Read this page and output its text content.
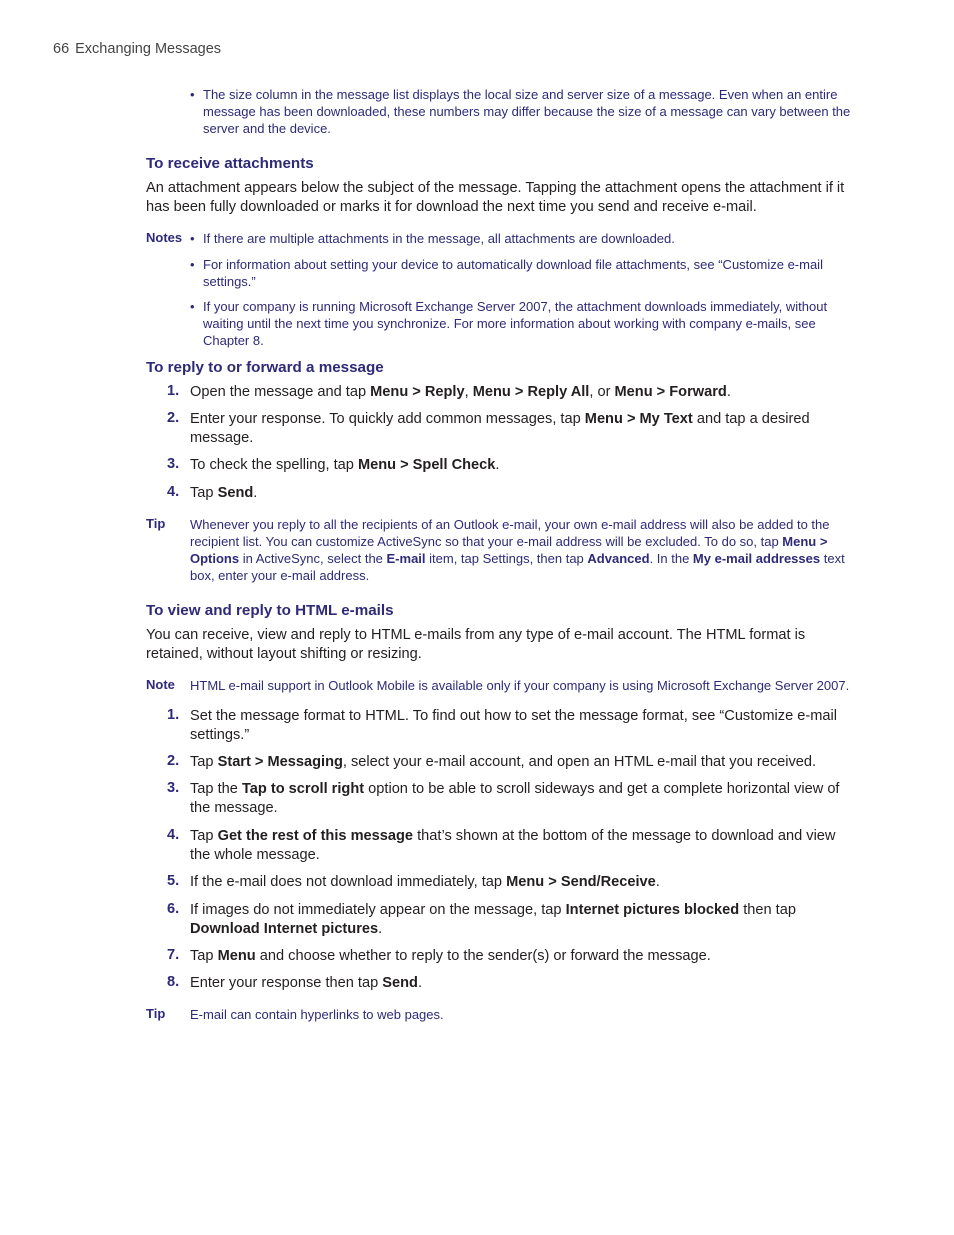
66 Exchanging Messages
• The size column in the message list displays the local size and server size of a message. Even when an entire message has been downloaded, these numbers may differ because the size of a message can vary between the server and the device.
To receive attachments
An attachment appears below the subject of the message. Tapping the attachment opens the attachment if it has been fully downloaded or marks it for download the next time you send and receive e-mail.
Notes • If there are multiple attachments in the message, all attachments are downloaded.
• For information about setting your device to automatically download file attachments, see “Customize e-mail settings.”
• If your company is running Microsoft Exchange Server 2007, the attachment downloads immediately, without waiting until the next time you synchronize. For more information about working with company e-mails, see Chapter 8.
To reply to or forward a message
1. Open the message and tap Menu > Reply, Menu > Reply All, or Menu > Forward.
2. Enter your response. To quickly add common messages, tap Menu > My Text and tap a desired message.
3. To check the spelling, tap Menu > Spell Check.
4. Tap Send.
Tip Whenever you reply to all the recipients of an Outlook e-mail, your own e-mail address will also be added to the recipient list. You can customize ActiveSync so that your e-mail address will be excluded. To do so, tap Menu > Options in ActiveSync, select the E-mail item, tap Settings, then tap Advanced. In the My e-mail addresses text box, enter your e-mail address.
To view and reply to HTML e-mails
You can receive, view and reply to HTML e-mails from any type of e-mail account. The HTML format is retained, without layout shifting or resizing.
Note HTML e-mail support in Outlook Mobile is available only if your company is using Microsoft Exchange Server 2007.
1. Set the message format to HTML. To find out how to set the message format, see “Customize e-mail settings.”
2. Tap Start > Messaging, select your e-mail account, and open an HTML e-mail that you received.
3. Tap the Tap to scroll right option to be able to scroll sideways and get a complete horizontal view of the message.
4. Tap Get the rest of this message that’s shown at the bottom of the message to download and view the whole message.
5. If the e-mail does not download immediately, tap Menu > Send/Receive.
6. If images do not immediately appear on the message, tap Internet pictures blocked then tap Download Internet pictures.
7. Tap Menu and choose whether to reply to the sender(s) or forward the message.
8. Enter your response then tap Send.
Tip E-mail can contain hyperlinks to web pages.
